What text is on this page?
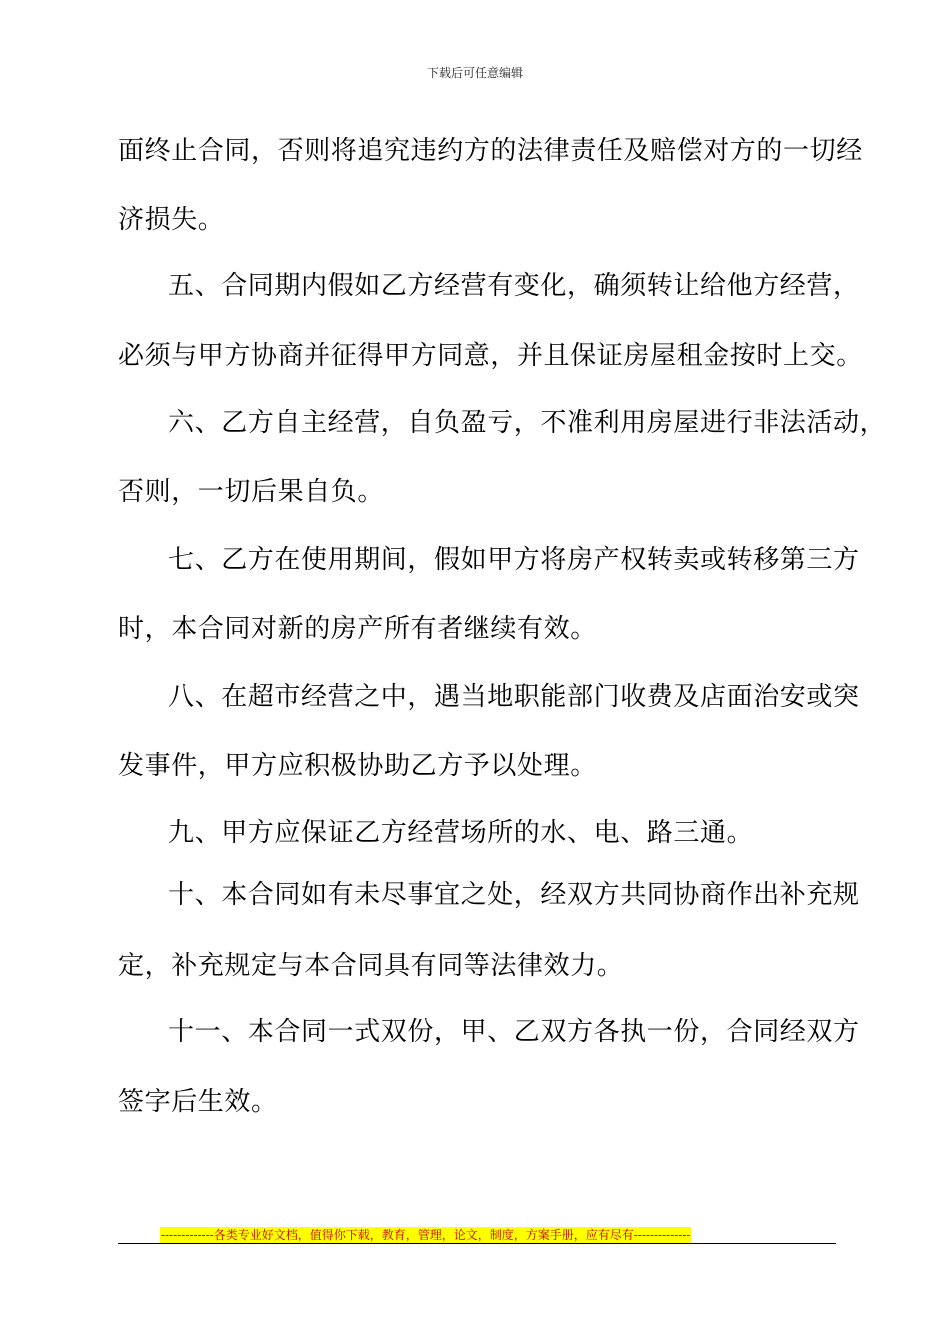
下载后可任意编辑
面终止合同，否则将追究违约方的法律责任及赔偿对方的一切经
济损失。
五、合同期内假如乙方经营有变化，确须转让给他方经营，
必须与甲方协商并征得甲方同意，并且保证房屋租金按时上交。
六、乙方自主经营，自负盈亏，不准利用房屋进行非法活动，
否则，一切后果自负。
七、乙方在使用期间，假如甲方将房产权转卖或转移第三方
时，本合同对新的房产所有者继续有效。
八、在超市经营之中，遇当地职能部门收费及店面治安或突
发事件，甲方应积极协助乙方予以处理。
九、甲方应保证乙方经营场所的水、电、路三通。
十、本合同如有未尽事宜之处，经双方共同协商作出补充规
定，补充规定与本合同具有同等法律效力。
十一、本合同一式双份，甲、乙双方各执一份，合同经双方
签字后生效。
-------------各类专业好文档，值得你下载，教育，管理，论文，制度，方案手册，应有尽有--------------
